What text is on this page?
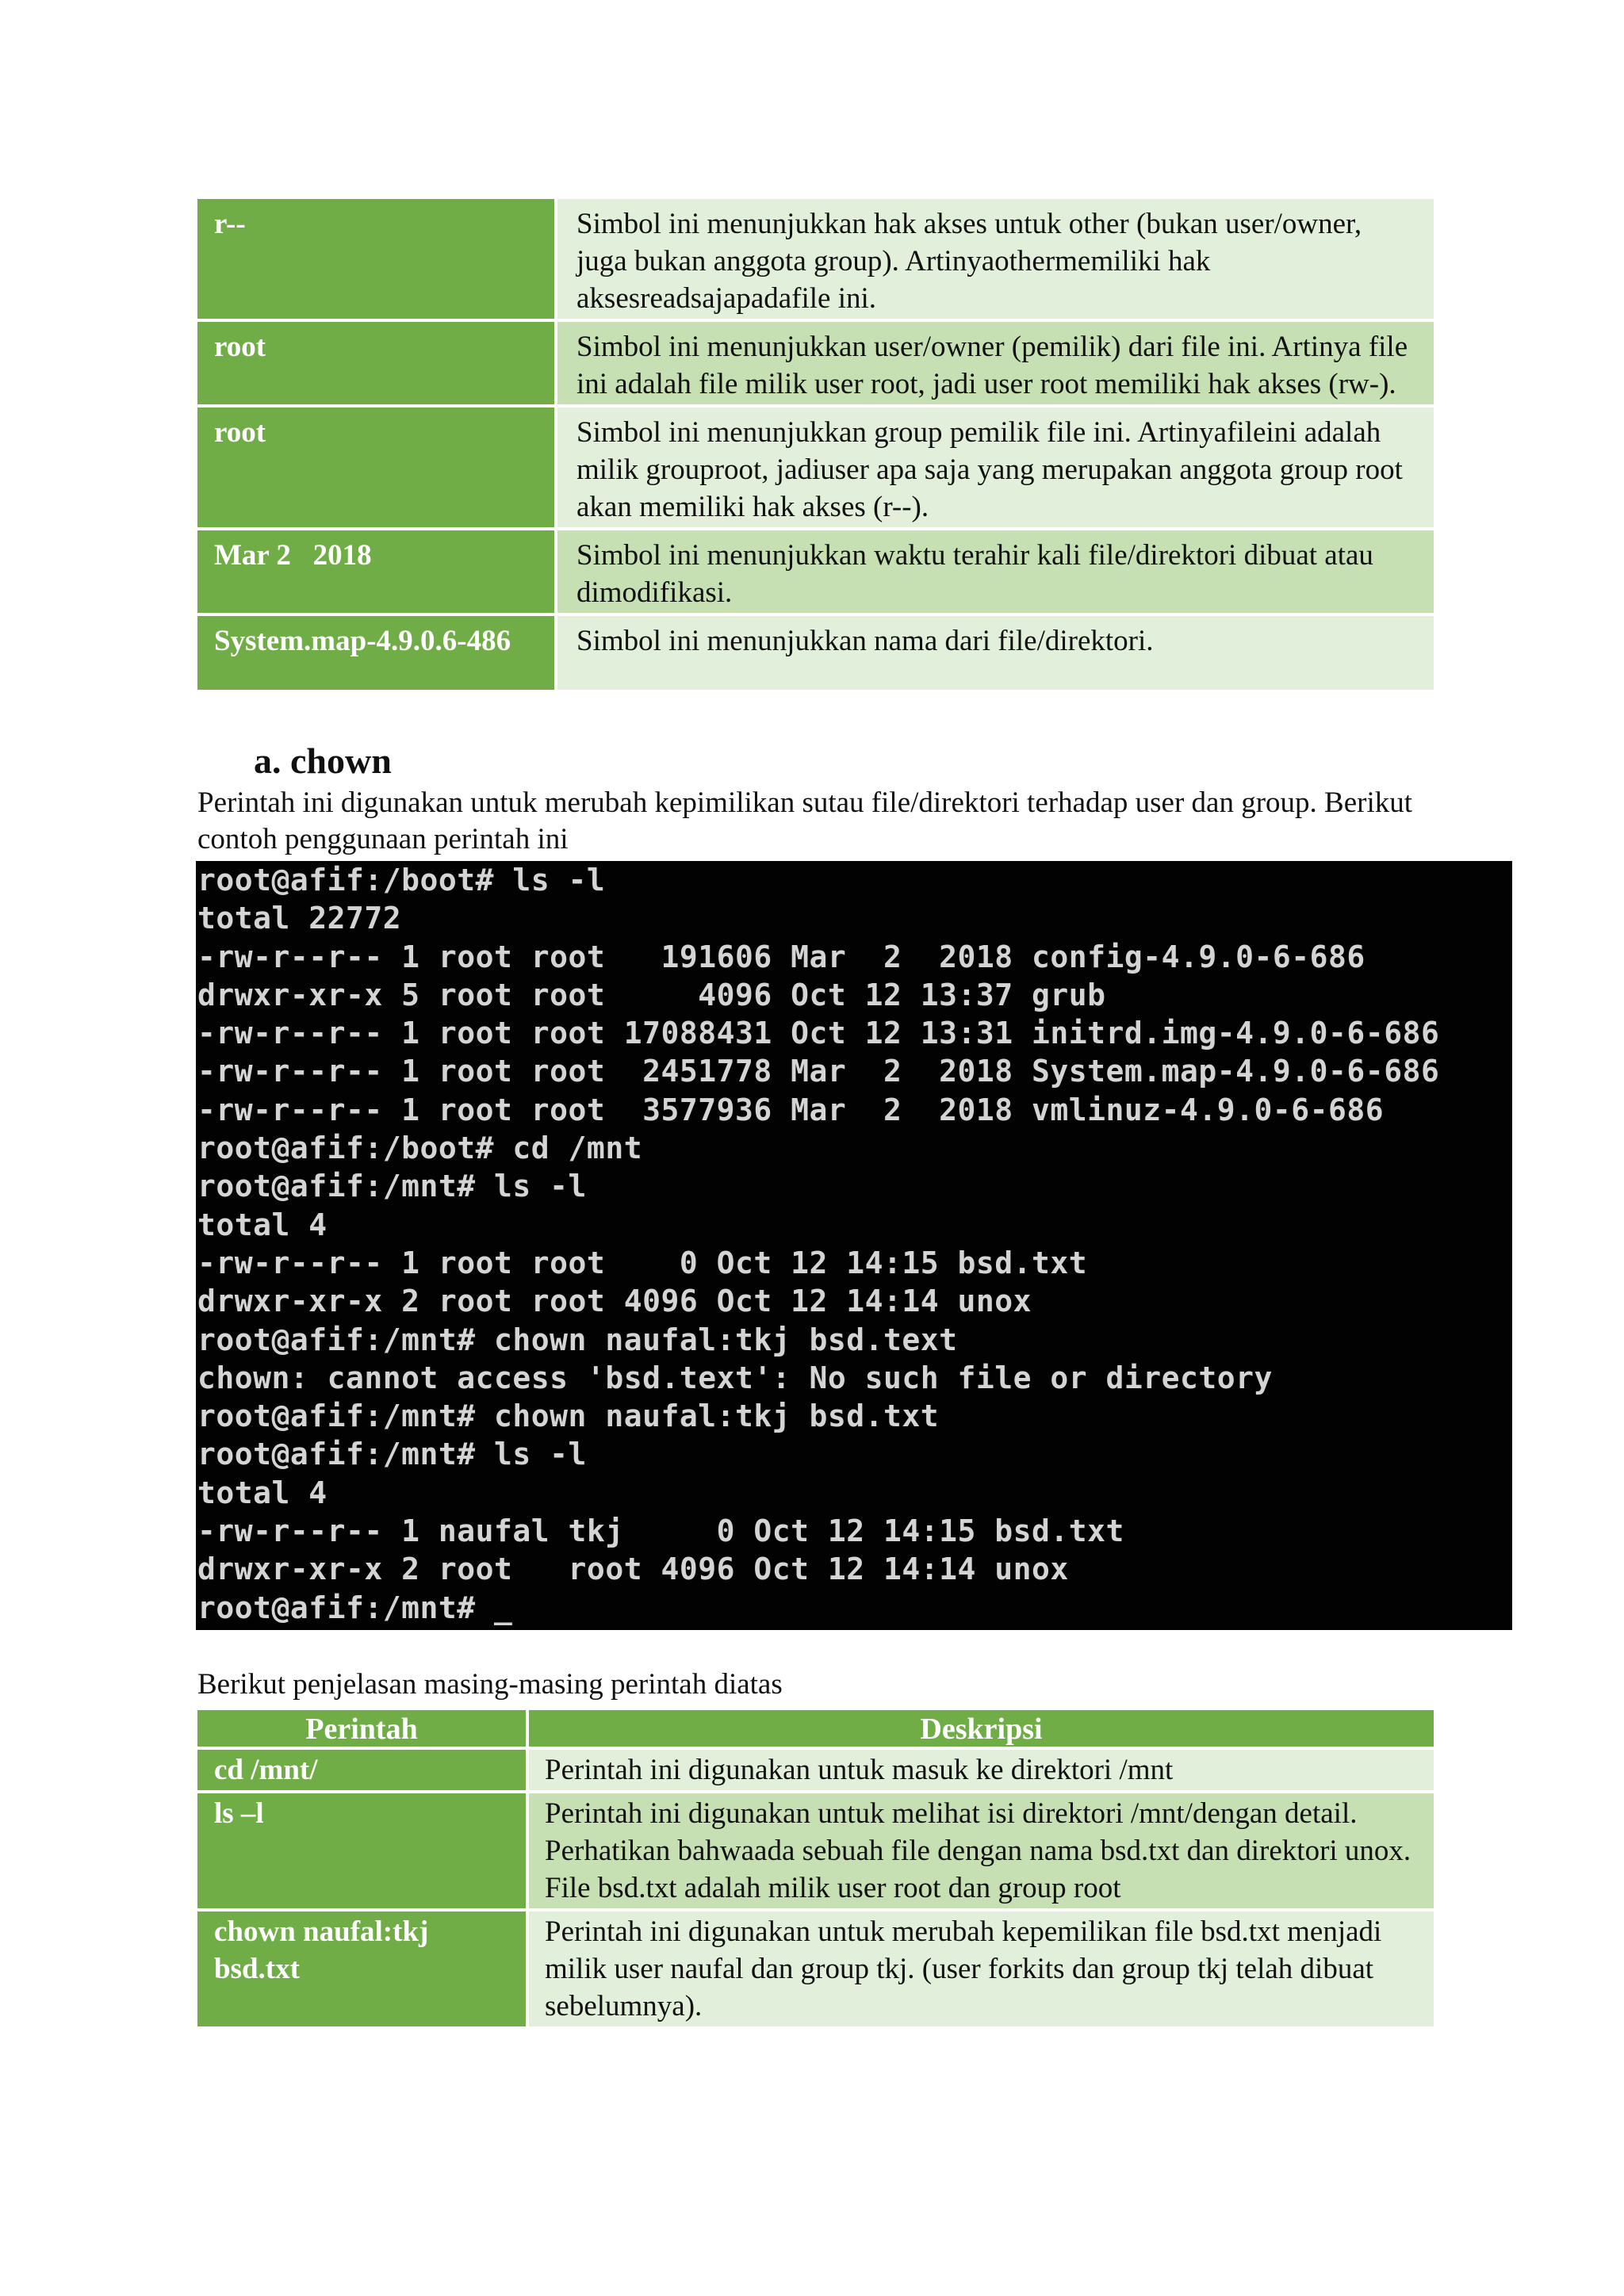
r--	Simbol ini menunjukkan hak akses untuk other (bukan user/owner, juga bukan anggota group). Artinyaothermemiliki hak aksesreadsajapadafile ini.
root	Simbol ini menunjukkan user/owner (pemilik) dari file ini. Artinya file ini adalah file milik user root, jadi user root memiliki hak akses (rw-).
root	Simbol ini menunjukkan group pemilik file ini. Artinyafileini adalah milik grouproot, jadiuser apa saja yang merupakan anggota group root akan memiliki hak akses (r--).
Mar 2   2018	Simbol ini menunjukkan waktu terahir kali file/direktori dibuat atau dimodifikasi.
System.map-4.9.0.6-486	Simbol ini menunjukkan nama dari file/direktori.
a. chown
Perintah ini digunakan untuk merubah kepimilikan sutau file/direktori terhadap user dan group. Berikut contoh penggunaan perintah ini
root@afif:/boot# ls -l
total 22772
-rw-r--r-- 1 root root   191606 Mar  2  2018 config-4.9.0-6-686
drwxr-xr-x 5 root root     4096 Oct 12 13:37 grub
-rw-r--r-- 1 root root 17088431 Oct 12 13:31 initrd.img-4.9.0-6-686
-rw-r--r-- 1 root root  2451778 Mar  2  2018 System.map-4.9.0-6-686
-rw-r--r-- 1 root root  3577936 Mar  2  2018 vmlinuz-4.9.0-6-686
root@afif:/boot# cd /mnt
root@afif:/mnt# ls -l
total 4
-rw-r--r-- 1 root root    0 Oct 12 14:15 bsd.txt
drwxr-xr-x 2 root root 4096 Oct 12 14:14 unox
root@afif:/mnt# chown naufal:tkj bsd.text
chown: cannot access 'bsd.text': No such file or directory
root@afif:/mnt# chown naufal:tkj bsd.txt
root@afif:/mnt# ls -l
total 4
-rw-r--r-- 1 naufal tkj     0 Oct 12 14:15 bsd.txt
drwxr-xr-x 2 root   root 4096 Oct 12 14:14 unox
root@afif:/mnt# _
Berikut penjelasan masing-masing perintah diatas
Perintah	Deskripsi
cd /mnt/	Perintah ini digunakan untuk masuk ke direktori /mnt
ls –l	Perintah ini digunakan untuk melihat isi direktori /mnt/dengan detail. Perhatikan bahwaada sebuah file dengan nama bsd.txt dan direktori unox. File bsd.txt adalah milik user root dan group root
chown naufal:tkj bsd.txt	Perintah ini digunakan untuk merubah kepemilikan file bsd.txt menjadi milik user naufal dan group tkj. (user forkits dan group tkj telah dibuat sebelumnya).
